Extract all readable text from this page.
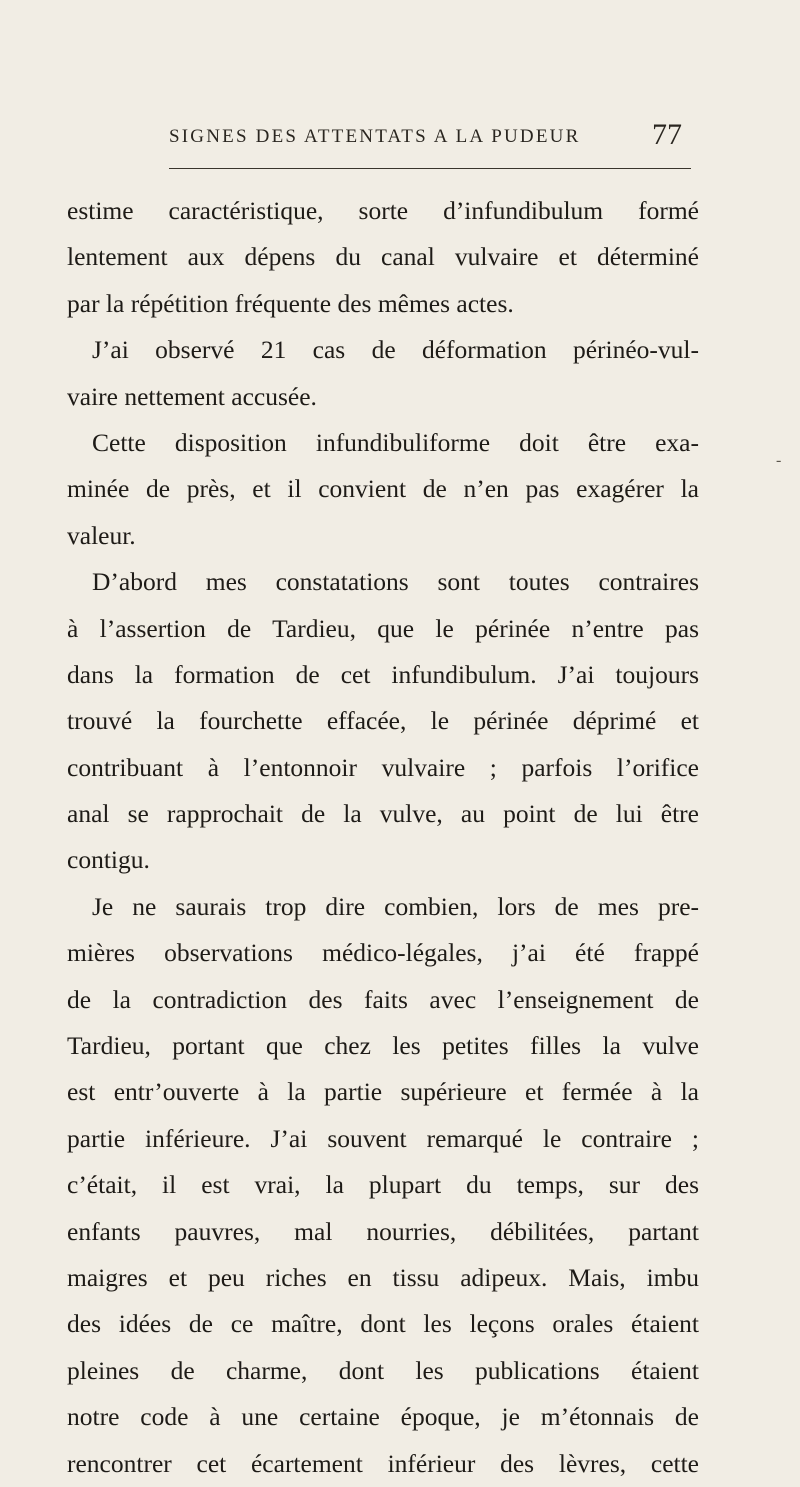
SIGNES DES ATTENTATS A LA PUDEUR 77
estime caractéristique, sorte d’infundibulum formé
lentement aux dépens du canal vulvaire et déterminé
par la répétition fréquente des mêmes actes.
J’ai observé 21 cas de déformation périnéo-vul-
vaire nettement accusée.
Cette disposition infundibuliforme doit être exa-
minée de près, et il convient de n’en pas exagérer la
valeur.
D’abord mes constatations sont toutes contraires
à l’assertion de Tardieu, que le périnée n’entre pas
dans la formation de cet infundibulum. J’ai toujours
trouvé la fourchette effacée, le périnée déprimé et
contribuant à l’entonnoir vulvaire ; parfois l’orifice
anal se rapprochait de la vulve, au point de lui être
contigu.
Je ne saurais trop dire combien, lors de mes pre-
mières observations médico-légales, j’ai été frappé
de la contradiction des faits avec l’enseignement de
Tardieu, portant que chez les petites filles la vulve
est entr’ouverte à la partie supérieure et fermée à la
partie inférieure. J’ai souvent remarqué le contraire ;
c’était, il est vrai, la plupart du temps, sur des
enfants pauvres, mal nourries, débilitées, partant
maigres et peu riches en tissu adipeux. Mais, imbu
des idées de ce maître, dont les leçons orales étaient
pleines de charme, dont les publications étaient
notre code à une certaine époque, je m’étonnais de
rencontrer cet écartement inférieur des lèvres, cette
-
